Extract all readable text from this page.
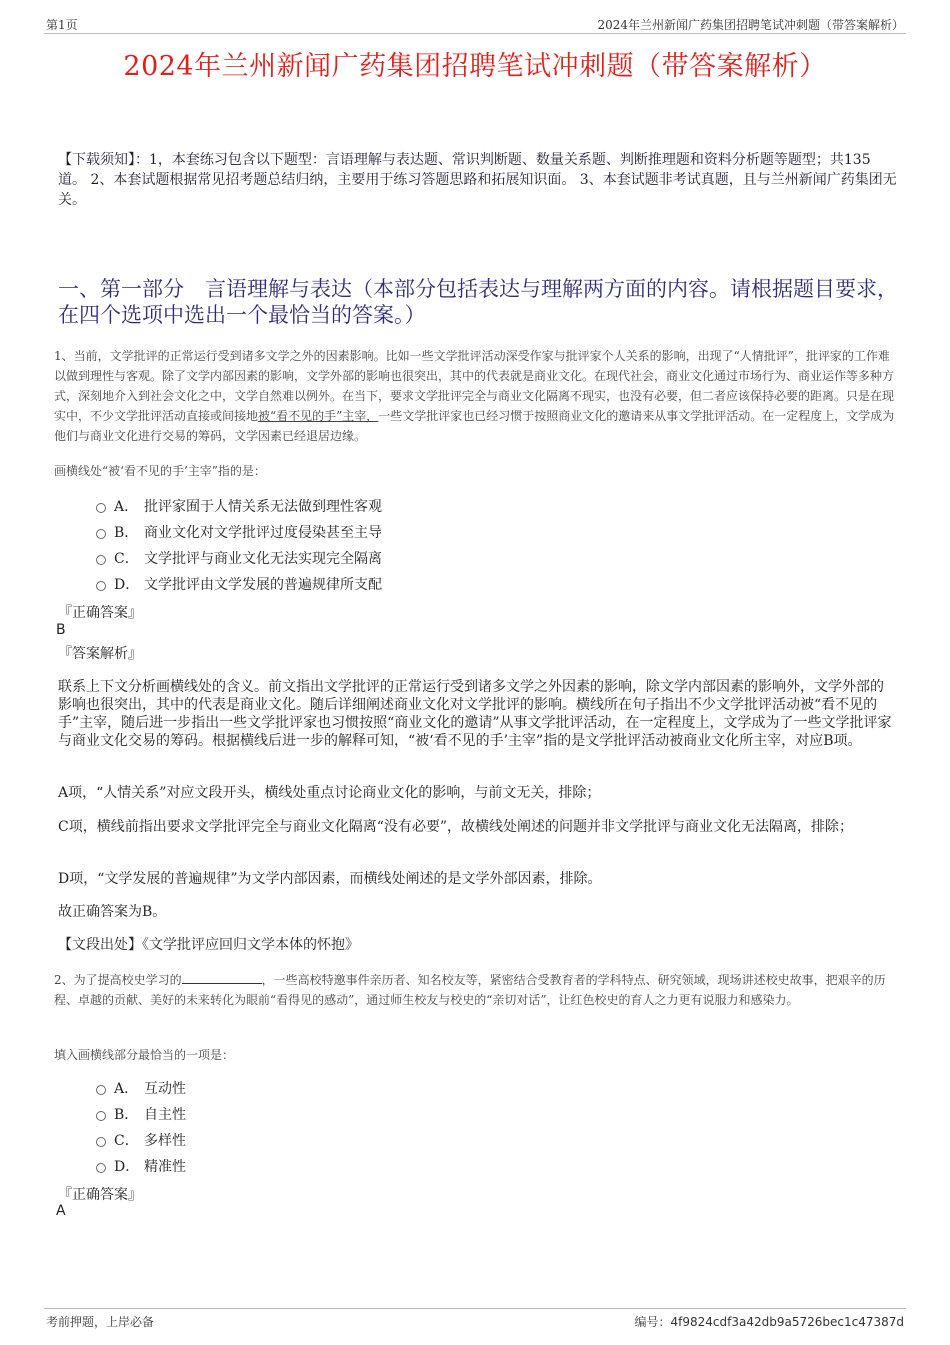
第1页	2024年兰州新闻广药集团招聘笔试冲刺题（带答案解析）
2024年兰州新闻广药集团招聘笔试冲刺题（带答案解析）
【下载须知】：1，本套练习包含以下题型：言语理解与表达题、常识判断题、数量关系题、判断推理题和资料分析题等题型；共135道。 2、本套试题根据常见招考题总结归纳，主要用于练习答题思路和拓展知识面。 3、本套试题非考试真题，且与兰州新闻广药集团无关。
一、第一部分　言语理解与表达（本部分包括表达与理解两方面的内容。请根据题目要求，在四个选项中选出一个最恰当的答案。）
1、当前，文学批评的正常运行受到诸多文学之外的因素影响。比如一些文学批评活动深受作家与批评家个人关系的影响，出现了“人情批评”，批评家的工作难以做到理性与客观。除了文学内部因素的影响，文学外部的影响也很突出，其中的代表就是商业文化。在现代社会，商业文化通过市场行为、商业运作等多种方式，深刻地介入到社会文化之中，文学自然难以例外。在当下，要求文学批评完全与商业文化隔离不现实，也没有必要，但二者应该保持必要的距离。只是在现实中，不少文学批评活动直接或间接地被“看不见的手”主宰，一些文学批评家也已经习惯于按照商业文化的邀请来从事文学批评活动。在一定程度上，文学成为他们与商业文化进行交易的筹码，文学因素已经退居边缘。
画横线处“被‘看不见的手’主宰”指的是：
A． 批评家囿于人情关系无法做到理性客观
B． 商业文化对文学批评过度侵染甚至主导
C． 文学批评与商业文化无法实现完全隔离
D． 文学批评由文学发展的普遍规律所支配
『正确答案』
B
『答案解析』
联系上下文分析画横线处的含义。前文指出文学批评的正常运行受到诸多文学之外因素的影响，除文学内部因素的影响外，文学外部的影响也很突出，其中的代表是商业文化。随后详细阐述商业文化对文学批评的影响。横线所在句子指出不少文学批评活动被“看不见的手”主宰，随后进一步指出一些文学批评家也习惯按照“商业文化的邀请”从事文学批评活动，在一定程度上，文学成为了一些文学批评家与商业文化交易的筹码。根据横线后进一步的解释可知，“被‘看不见的手’主宰”指的是文学批评活动被商业文化所主宰，对应B项。
A项，“人情关系”对应文段开头，横线处重点讨论商业文化的影响，与前文无关，排除；
C项，横线前指出要求文学批评完全与商业文化隔离“没有必要”，故横线处阐述的问题并非文学批评与商业文化无法隔离，排除；
D项，“文学发展的普遍规律”为文学内部因素，而横线处阐述的是文学外部因素，排除。
故正确答案为B。
【文段出处】《文学批评应回归文学本体的怀抱》
2、为了提高校史学习的	，一些高校特邀事件亲历者、知名校友等，紧密结合受教育者的学科特点、研究领域，现场讲述校史故事，把艰辛的历程、卓越的贡献、美好的未来转化为眼前“看得见的感动”，通过师生校友与校史的“亲切对话”，让红色校史的育人之力更有说服力和感染力。
填入画横线部分最恰当的一项是：
A． 互动性
B． 自主性
C． 多样性
D． 精准性
『正确答案』
A
考前押题，上岸必备	编号：4f9824cdf3a42db9a5726bec1c47387d
